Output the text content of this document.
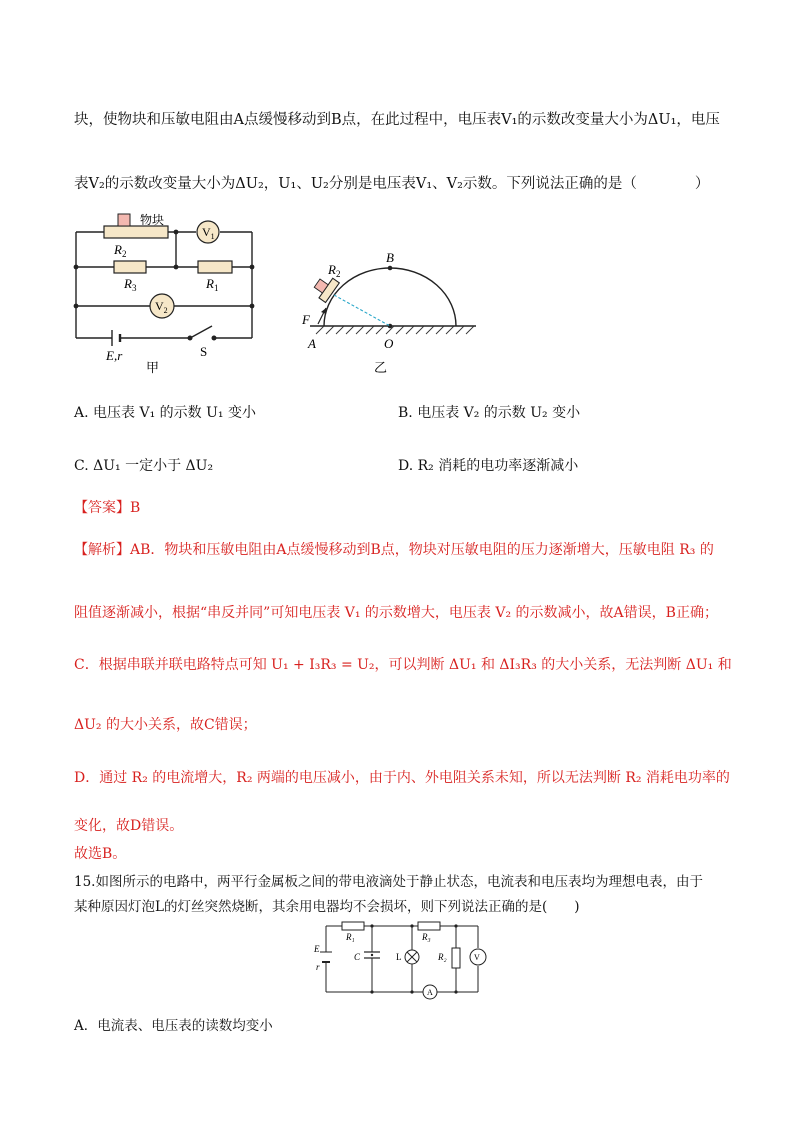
块，使物块和压敏电阻由A点缓慢移动到B点，在此过程中，电压表V₁的示数改变量大小为ΔU₁，电压
表V₂的示数改变量大小为ΔU₂，U₁、U₂分别是电压表V₁、V₂示数。下列说法正确的是（　　　　）
物块
$R_2$
$V_1$
$R_3$	$R_1$
$V_2$
E,r	S
甲
B
$R_2$
F
A	O
乙
A. 电压表 V₁ 的示数 U₁ 变小	B. 电压表 V₂ 的示数 U₂ 变小
C. ΔU₁ 一定小于 ΔU₂	D. R₂ 消耗的电功率逐渐减小
【答案】B
【解析】AB．物块和压敏电阻由A点缓慢移动到B点，物块对压敏电阻的压力逐渐增大，压敏电阻 R₃ 的
阻值逐渐减小，根据“串反并同”可知电压表 V₁ 的示数增大，电压表 V₂ 的示数减小，故A错误，B正确；
C．根据串联并联电路特点可知 U₁ + I₃R₃ = U₂，可以判断 ΔU₁ 和 ΔI₃R₃ 的大小关系，无法判断 ΔU₁ 和
ΔU₂ 的大小关系，故C错误；
D．通过 R₂ 的电流增大，R₂ 两端的电压减小，由于内、外电阻关系未知，所以无法判断 R₂ 消耗电功率的
变化，故D错误。
故选B。
15.如图所示的电路中，两平行金属板之间的带电液滴处于静止状态，电流表和电压表均为理想电表，由于
某种原因灯泡L的灯丝突然烧断，其余用电器均不会损坏，则下列说法正确的是(　　)
R₁	R₃
R₂
E
r
C	L	V
A
A．电流表、电压表的读数均变小
